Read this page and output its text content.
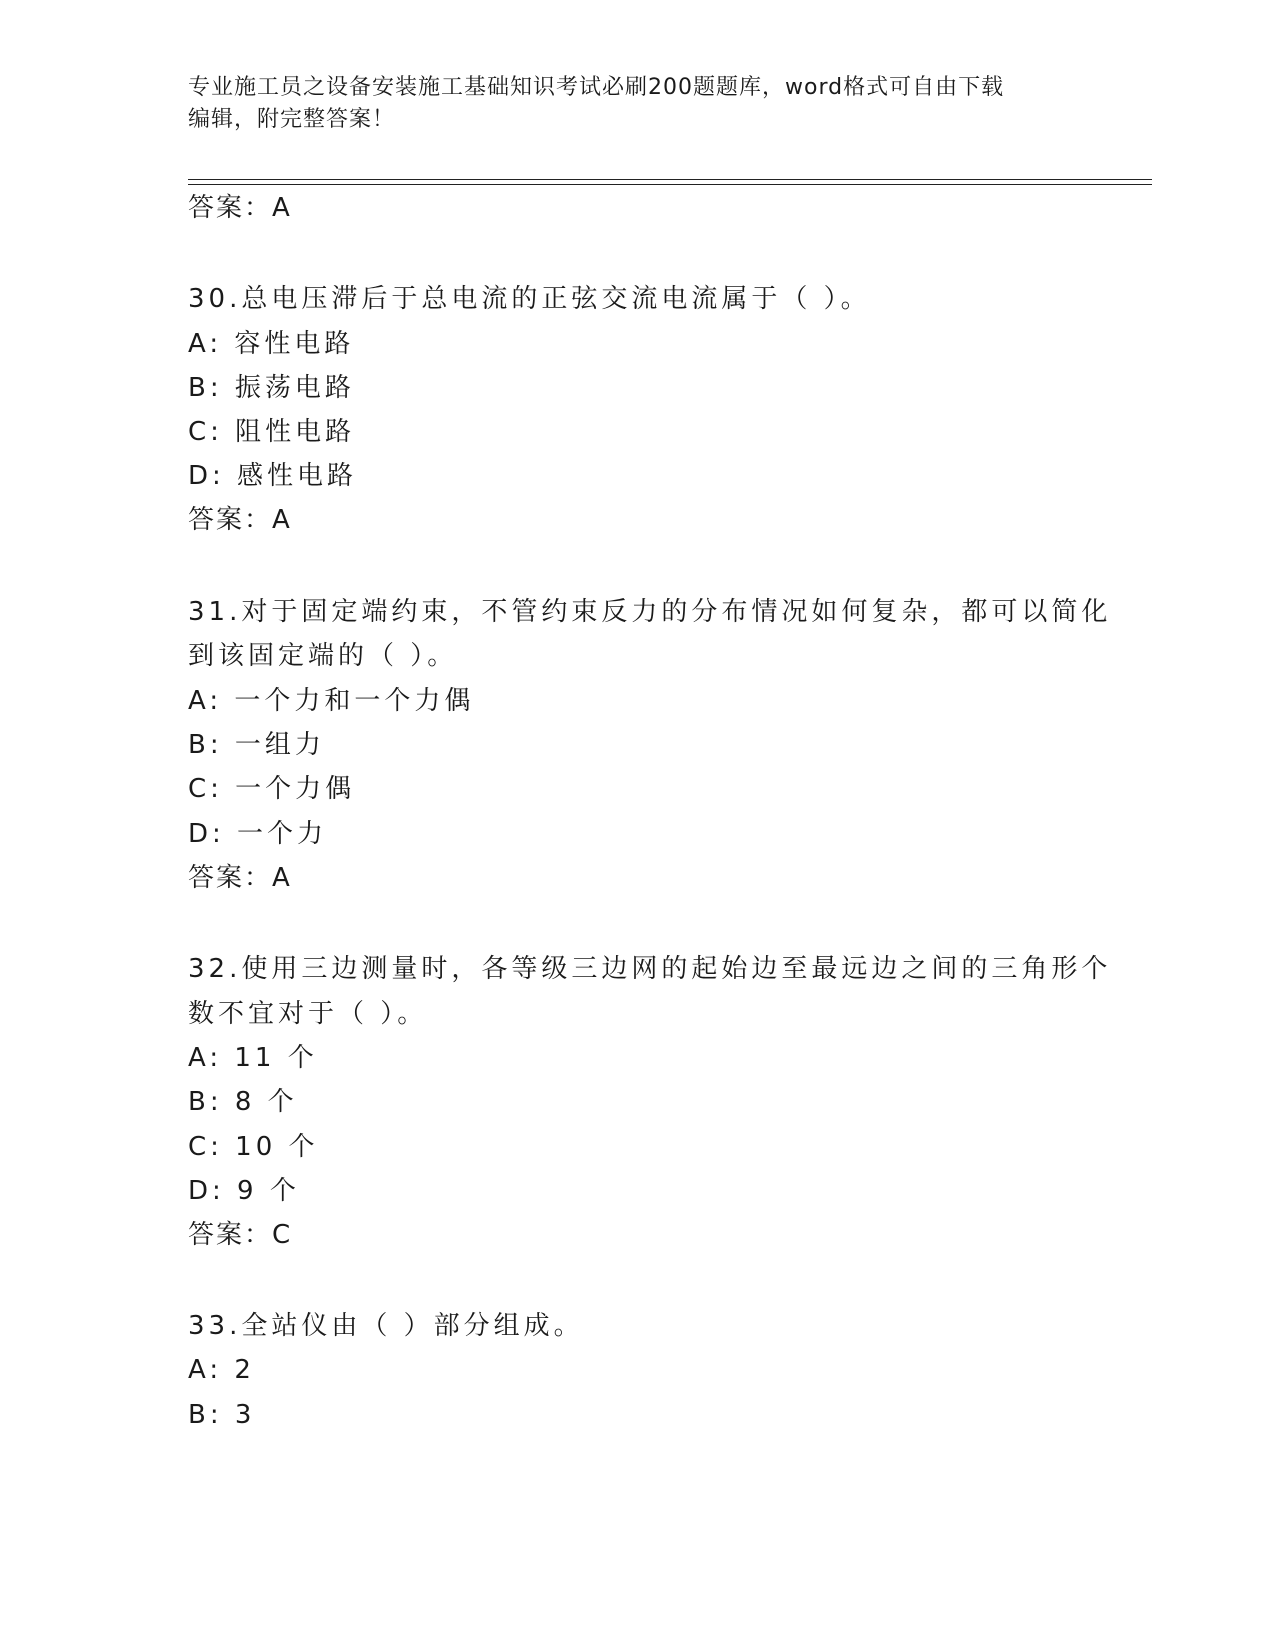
专业施工员之设备安装施工基础知识考试必刷200题题库，word格式可自由下载
编辑，附完整答案！
答案：A
30.总电压滞后于总电流的正弦交流电流属于（ ）。
A: 容性电路
B: 振荡电路
C: 阻性电路
D: 感性电路
答案：A
31.对于固定端约束，不管约束反力的分布情况如何复杂，都可以简化
到该固定端的（ ）。
A: 一个力和一个力偶
B: 一组力
C: 一个力偶
D: 一个力
答案：A
32.使用三边测量时，各等级三边网的起始边至最远边之间的三角形个
数不宜对于（ ）。
A: 11 个
B: 8 个
C: 10 个
D: 9 个
答案：C
33.全站仪由（ ）部分组成。
A: 2
B: 3
